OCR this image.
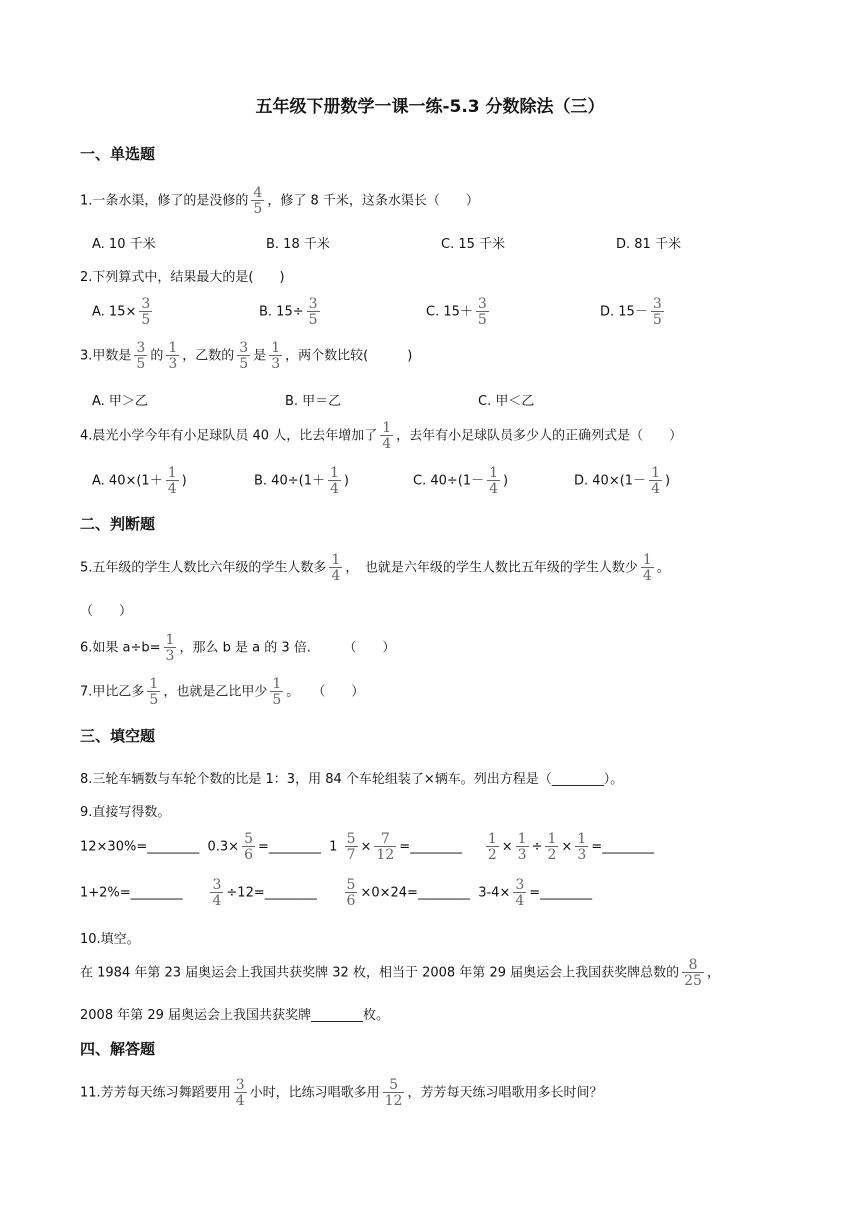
五年级下册数学一课一练-5.3 分数除法（三）
一、单选题
1.一条水渠，修了的是没修的 $\frac{4}{5}$ ，修了 8 千米，这条水渠长（　　）
A. 10 千米	B. 18 千米	C. 15 千米	D. 81 千米
2.下列算式中，结果最大的是(　　)
A. $15\times \frac{3}{5}$	B. $15\div \frac{3}{5}$	C. $15+ \frac{3}{5}$	D. $15- \frac{3}{5}$
3.甲数是 $\frac{3}{5}$ 的 $\frac{1}{3}$ ，乙数的 $\frac{3}{5}$ 是 $\frac{1}{3}$ ，两个数比较(　　　)
A. 甲＞乙	B. 甲＝乙	C. 甲＜乙
4.晨光小学今年有小足球队员 40 人，比去年增加了 $\frac{1}{4}$ ，去年有小足球队员多少人的正确列式是（　　）
A. $40\times(1+ \frac{1}{4}$ )	B. $40\div(1+ \frac{1}{4}$ )	C. $40\div(1- \frac{1}{4}$ )	D. $40\times(1- \frac{1}{4}$ )
二、判断题
5.五年级的学生人数比六年级的学生人数多 $\frac{1}{4}$ ，　也就是六年级的学生人数比五年级的学生人数少 $\frac{1}{4}$ 。
（　　）
6.如果 $a\div b= \frac{1}{3}$ ，那么 b 是 a 的 3 倍.　　　（　　）
7.甲比乙多 $\frac{1}{5}$ ，也就是乙比甲少 $\frac{1}{5}$ 。　　（　　）
三、填空题
8.三轮车辆数与车轮个数的比是 1：3，用 84 个车轮组装了×辆车。列出方程是（________）。
9.直接写得数。
12×30%=________ $0.3\times \frac{5}{6}$ =________ $1 \frac{5}{7} \times \frac{7}{12}$ =________ $\frac{1}{2} \times \frac{1}{3} \div \frac{1}{2} \times \frac{1}{3}$ =________
1+2%=________ $\frac{3}{4}$ ÷12=________ $\frac{5}{6}$ ×0×24=________ $3-4\times \frac{3}{4}$ =________
10.填空。
在 1984 年第 23 届奥运会上我国共获奖牌 32 枚，相当于 2008 年第 29 届奥运会上我国获奖牌总数的 $\frac{8}{25}$ ，
2008 年第 29 届奥运会上我国共获奖牌________枚。
四、解答题
11.芳芳每天练习舞蹈要用 $\frac{3}{4}$ 小时，比练习唱歌多用 $\frac{5}{12}$ ，芳芳每天练习唱歌用多长时间？
